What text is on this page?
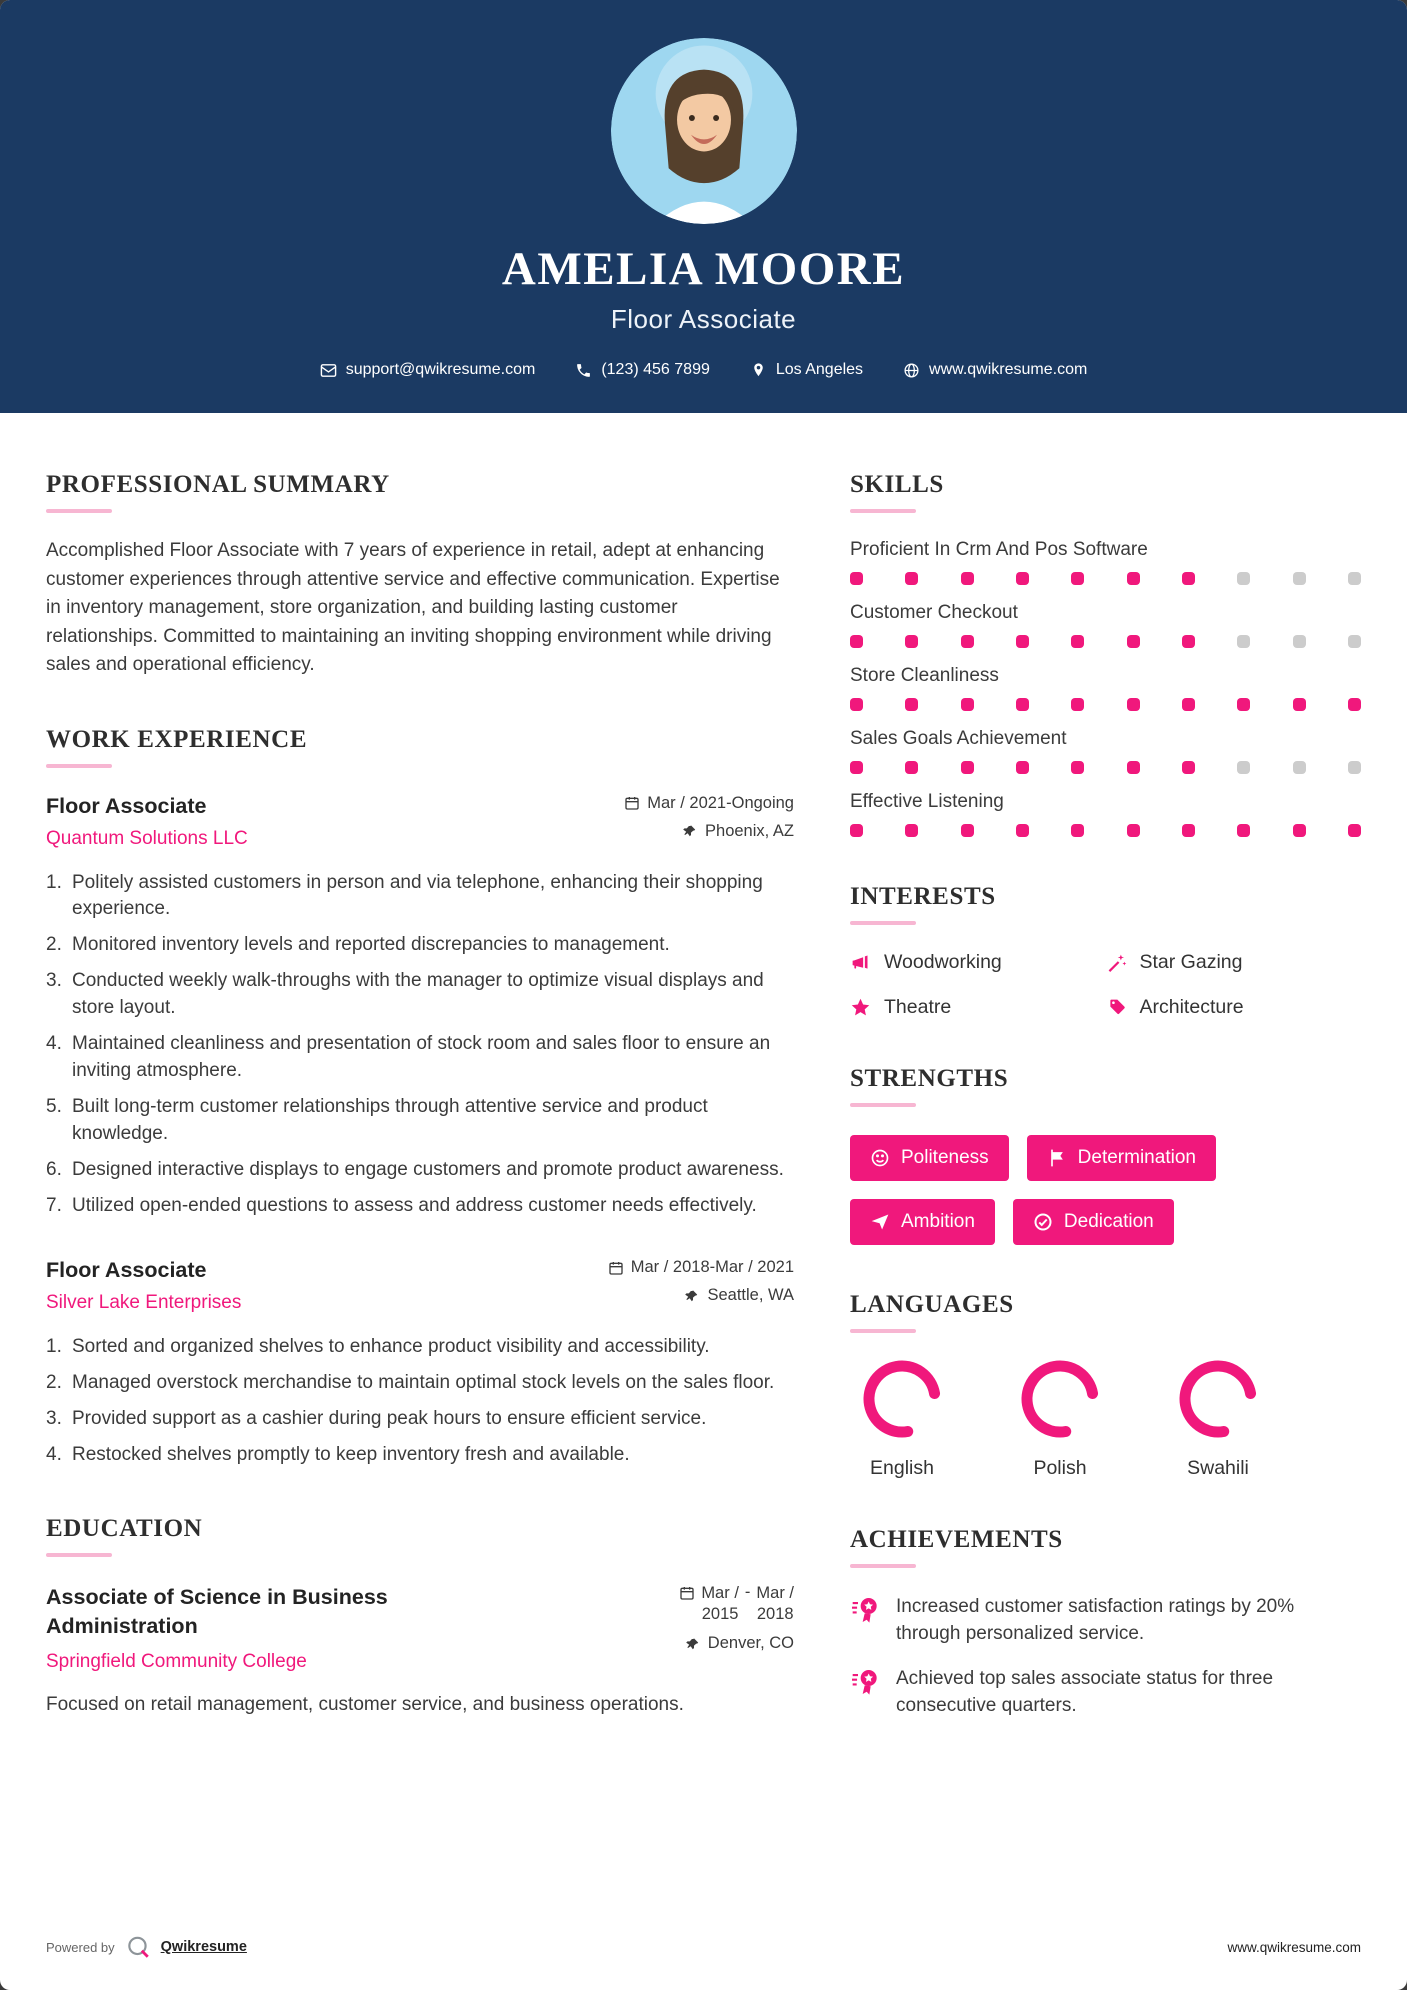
AMELIA MOORE
Floor Associate
support@qwikresume.com	(123) 456 7899	Los Angeles	www.qwikresume.com
PROFESSIONAL SUMMARY

Accomplished Floor Associate with 7 years of experience in retail, adept at enhancing customer experiences through attentive service and effective communication. Expertise in inventory management, store organization, and building lasting customer relationships. Committed to maintaining an inviting shopping environment while driving sales and operational efficiency.

WORK EXPERIENCE
Floor Associate
Quantum Solutions LLC
Mar / 2021-Ongoing
Phoenix, AZ
Politely assisted customers in person and via telephone, enhancing their shopping experience.
Monitored inventory levels and reported discrepancies to management.
Conducted weekly walk-throughs with the manager to optimize visual displays and store layout.
Maintained cleanliness and presentation of stock room and sales floor to ensure an inviting atmosphere.
Built long-term customer relationships through attentive service and product knowledge.
Designed interactive displays to engage customers and promote product awareness.
Utilized open-ended questions to assess and address customer needs effectively.
Floor Associate
Silver Lake Enterprises
Mar / 2018-Mar / 2021
Seattle, WA
Sorted and organized shelves to enhance product visibility and accessibility.
Managed overstock merchandise to maintain optimal stock levels on the sales floor.
Provided support as a cashier during peak hours to ensure efficient service.
Restocked shelves promptly to keep inventory fresh and available.
EDUCATION
Associate of Science in Business Administration
Springfield Community College
Mar /
2015
- Mar /
2018
Denver, CO

Focused on retail management, customer service, and business operations.

SKILLS
Proficient In Crm And Pos Software
Customer Checkout
Store Cleanliness
Sales Goals Achievement
Effective Listening
INTERESTS
Woodworking	Star Gazing
Theatre	Architecture
STRENGTHS
Politeness	Determination
Ambition	Dedication
LANGUAGES
English	Polish	Swahili
ACHIEVEMENTS
Increased customer satisfaction ratings by 20% through personalized service.
Achieved top sales associate status for three consecutive quarters.
Powered by	Qwikresume	www.qwikresume.com
